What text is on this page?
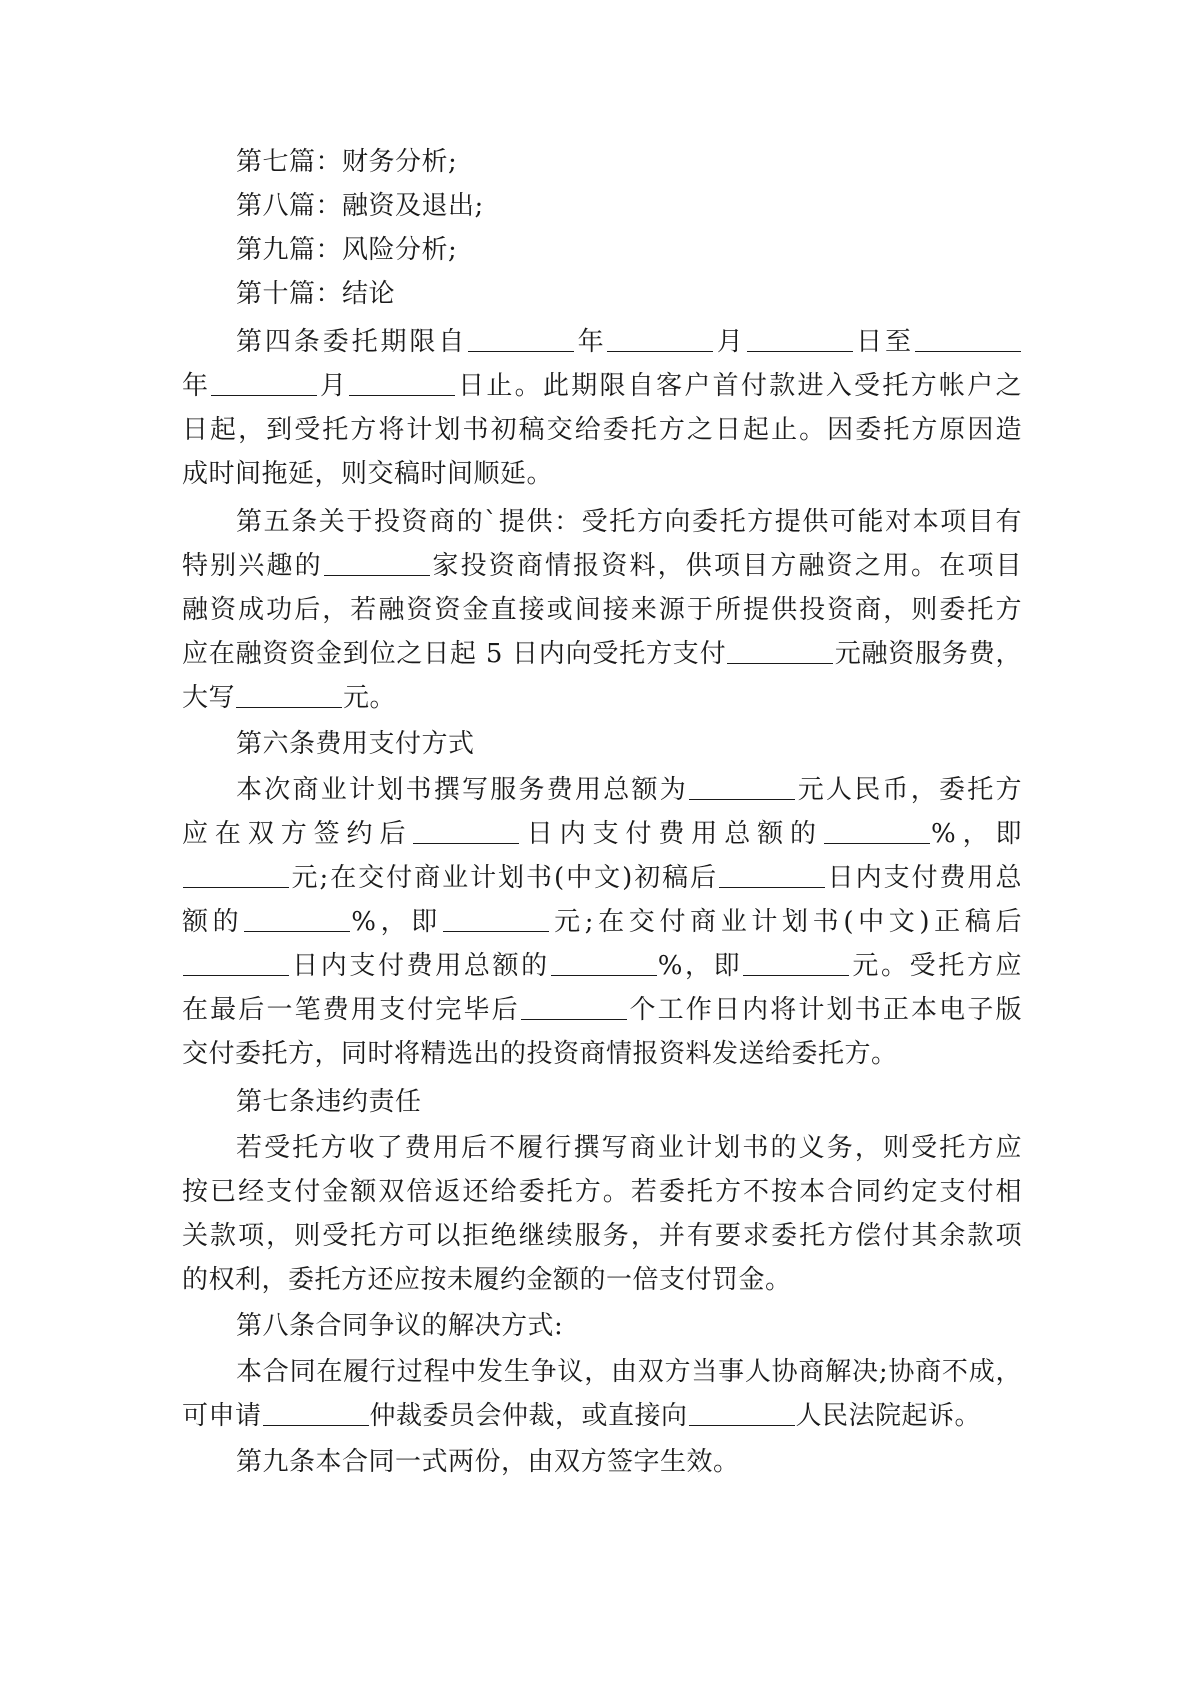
第七篇：财务分析;
第八篇：融资及退出;
第九篇：风险分析;
第十篇：结论
第四条委托期限自	年	月	日至
年	月	日止。此期限自客户首付款进入受托方帐户之
日起，到受托方将计划书初稿交给委托方之日起止。因委托方原因造
成时间拖延，则交稿时间顺延。
第五条关于投资商的`提供：受托方向委托方提供可能对本项目有
特别兴趣的	家投资商情报资料，供项目方融资之用。在项目
融资成功后，若融资资金直接或间接来源于所提供投资商，则委托方
应在融资资金到位之日起 5 日内向受托方支付	元融资服务费，
大写	元。
第六条费用支付方式
本次商业计划书撰写服务费用总额为	元人民币，委托方
应在双方签约后	日内支付费用总额的	%，即
元;在交付商业计划书(中文)初稿后	日内支付费用总
额的	%，即	元;在交付商业计划书(中文)正稿后
日内支付费用总额的	%，即	元。受托方应
在最后一笔费用支付完毕后	个工作日内将计划书正本电子版
交付委托方，同时将精选出的投资商情报资料发送给委托方。
第七条违约责任
若受托方收了费用后不履行撰写商业计划书的义务，则受托方应
按已经支付金额双倍返还给委托方。若委托方不按本合同约定支付相
关款项，则受托方可以拒绝继续服务，并有要求委托方偿付其余款项
的权利，委托方还应按未履约金额的一倍支付罚金。
第八条合同争议的解决方式:
本合同在履行过程中发生争议，由双方当事人协商解决;协商不成，
可申请	仲裁委员会仲裁，或直接向	人民法院起诉。
第九条本合同一式两份，由双方签字生效。
